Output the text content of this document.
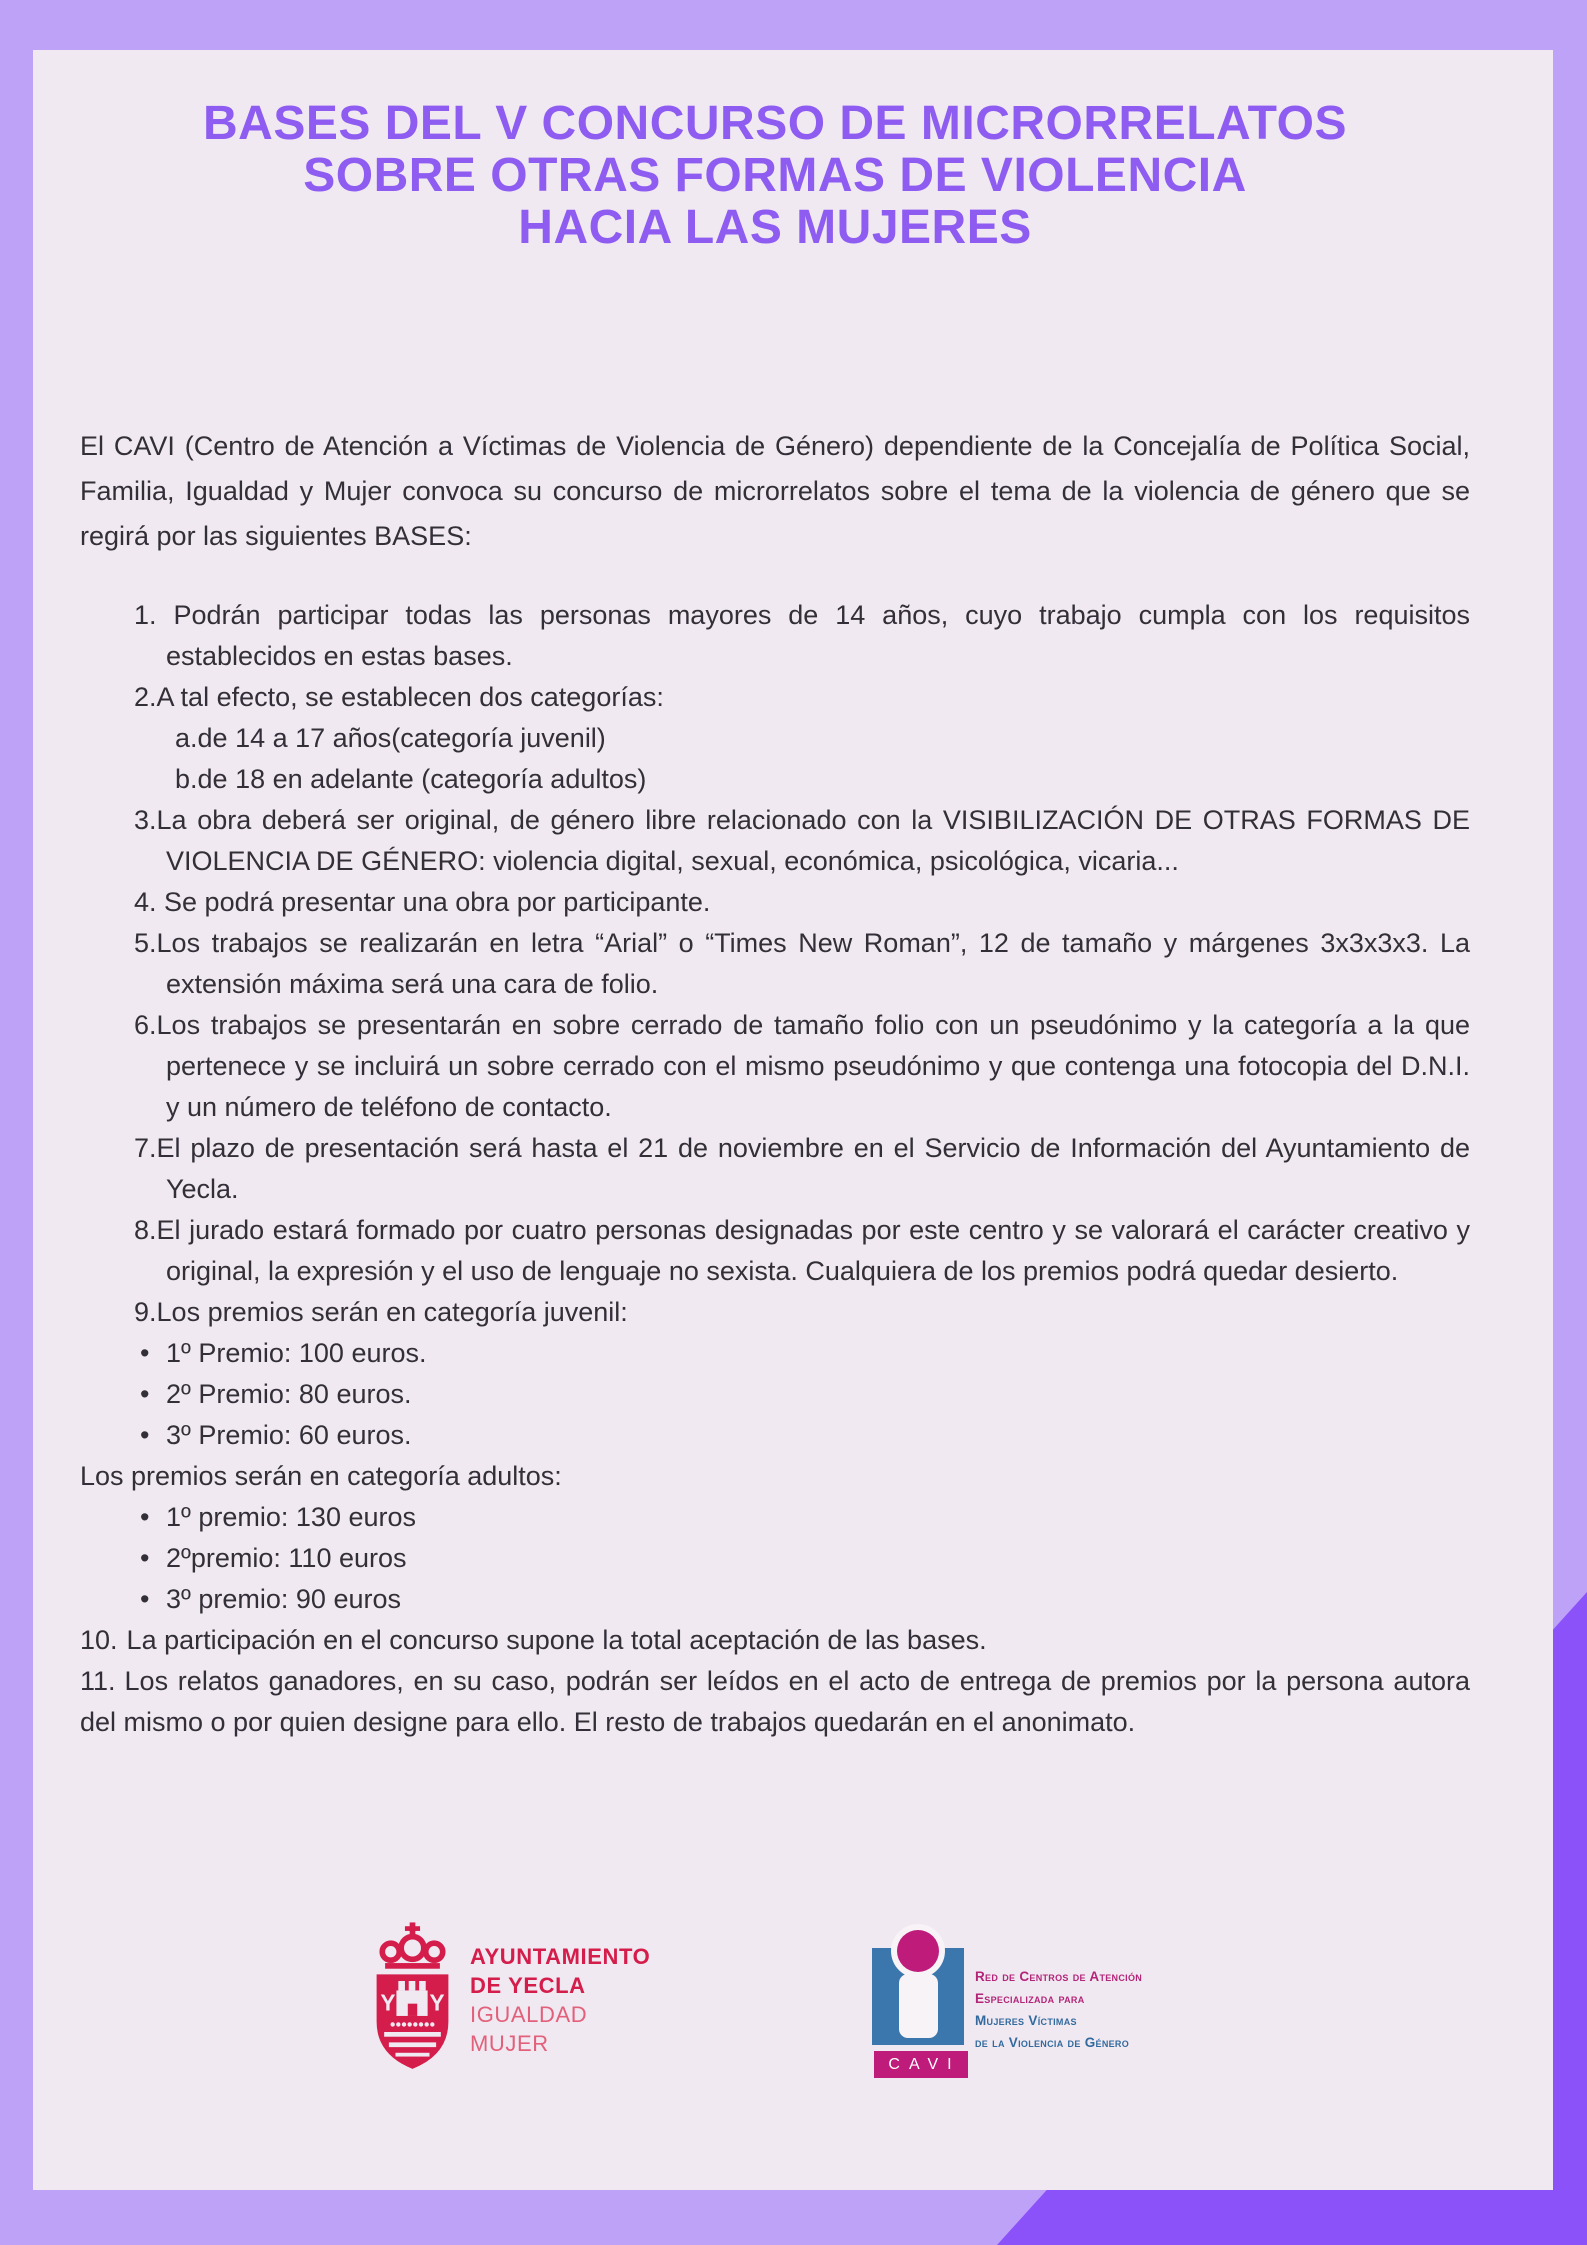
BASES DEL V CONCURSO DE MICRORRELATOS
SOBRE OTRAS FORMAS DE VIOLENCIA
HACIA LAS MUJERES

El CAVI (Centro de Atención a Víctimas de Violencia de Género) dependiente de la Concejalía de Política Social, Familia, Igualdad y Mujer convoca su concurso de microrrelatos sobre el tema de la violencia de género que se regirá por las siguientes BASES:

1. Podrán participar todas las personas mayores de 14 años, cuyo trabajo cumpla con los requisitos establecidos en estas bases.
2.A tal efecto, se establecen dos categorías:
a.de 14 a 17 años(categoría juvenil)
b.de 18 en adelante (categoría adultos)
3.La obra deberá ser original, de género libre relacionado con la VISIBILIZACIÓN DE OTRAS FORMAS DE VIOLENCIA DE GÉNERO: violencia digital, sexual, económica, psicológica, vicaria...
4. Se podrá presentar una obra por participante.
5.Los trabajos se realizarán en letra “Arial” o “Times New Roman”, 12 de tamaño y márgenes 3x3x3x3. La extensión máxima será una cara de folio.
6.Los trabajos se presentarán en sobre cerrado de tamaño folio con un pseudónimo y la categoría a la que pertenece y se incluirá un sobre cerrado con el mismo pseudónimo y que contenga una fotocopia del D.N.I. y un número de teléfono de contacto.
7.El plazo de presentación será hasta el 21 de noviembre en el Servicio de Información del Ayuntamiento de Yecla.
8.El jurado estará formado por cuatro personas designadas por este centro y se valorará el carácter creativo y original, la expresión y el uso de lenguaje no sexista. Cualquiera de los premios podrá quedar desierto.
9.Los premios serán en categoría juvenil:
• 1º Premio: 100 euros.
• 2º Premio: 80 euros.
• 3º Premio: 60 euros.
Los premios serán en categoría adultos:
• 1º premio: 130 euros
• 2ºpremio: 110 euros
• 3º premio: 90 euros
10. La participación en el concurso supone la total aceptación de las bases.
11. Los relatos ganadores, en su caso, podrán ser leídos en el acto de entrega de premios por la persona autora del mismo o por quien designe para ello. El resto de trabajos quedarán en el anonimato.
Y Y
AYUNTAMIENTO
DE YECLA
IGUALDAD
MUJER
CAVI
Red de Centros de Atención
Especializada para
Mujeres Víctimas
de la Violencia de Género
